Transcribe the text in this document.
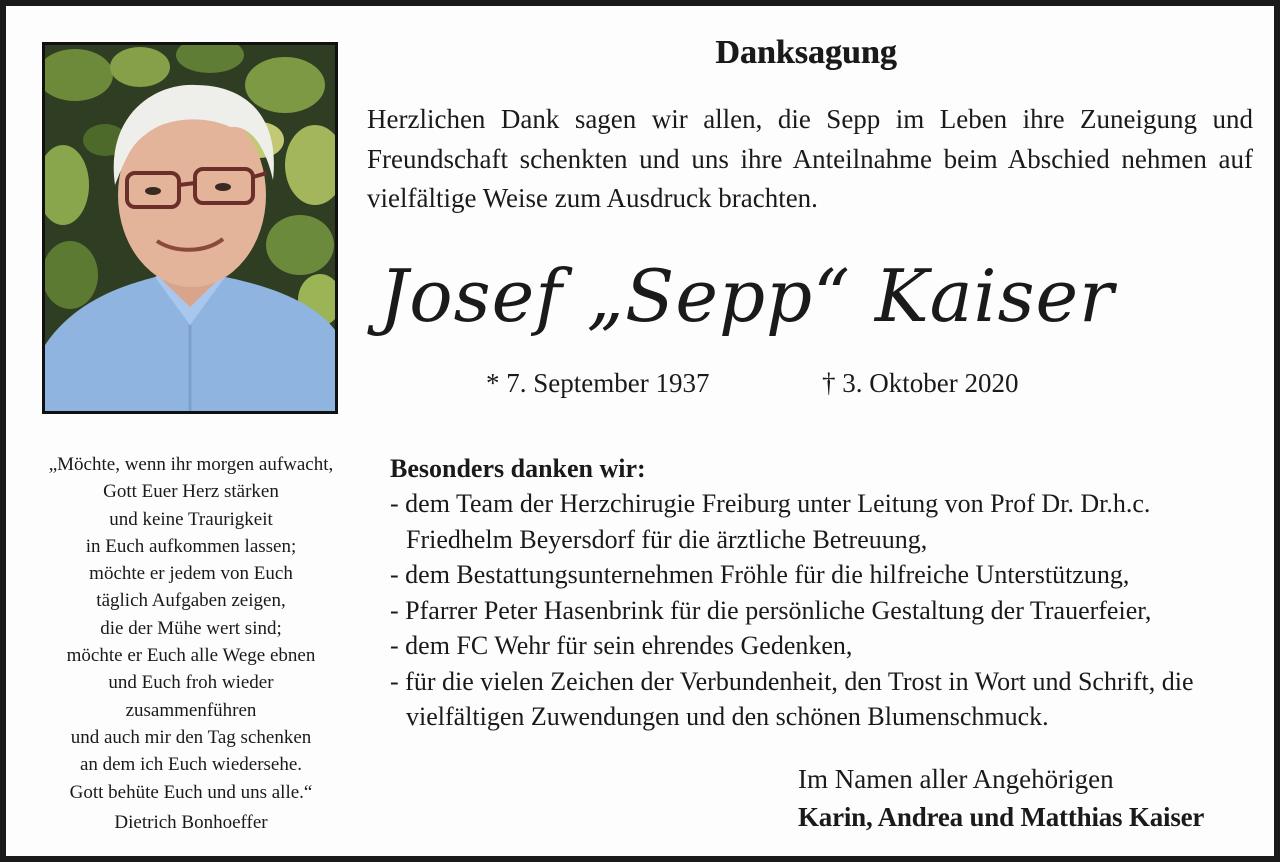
Danksagung

Herzlichen Dank sagen wir allen, die Sepp im Leben ihre Zuneigung und Freundschaft schenkten und uns ihre Anteilnahme beim Abschied nehmen auf vielfältige Weise zum Ausdruck brachten.

Josef „Sepp“ Kaiser

* 7. September 1937	† 3. Oktober 2020

Besonders danken wir:

- dem Team der Herzchirugie Freiburg unter Leitung von Prof Dr. Dr.h.c. Friedhelm Beyersdorf für die ärztliche Betreuung,
- dem Bestattungsunternehmen Fröhle für die hilfreiche Unterstützung,
- Pfarrer Peter Hasenbrink für die persönliche Gestaltung der Trauerfeier,
- dem FC Wehr für sein ehrendes Gedenken,
- für die vielen Zeichen der Verbundenheit, den Trost in Wort und Schrift, die vielfältigen Zuwendungen und den schönen Blumenschmuck.

Im Namen aller Angehörigen

Karin, Andrea und Matthias Kaiser

„Möchte, wenn ihr morgen aufwacht,
Gott Euer Herz stärken
und keine Traurigkeit
in Euch aufkommen lassen;
möchte er jedem von Euch
täglich Aufgaben zeigen,
die der Mühe wert sind;
möchte er Euch alle Wege ebnen
und Euch froh wieder
zusammenführen
und auch mir den Tag schenken
an dem ich Euch wiedersehe.
Gott behüte Euch und uns alle.“

Dietrich Bonhoeffer
